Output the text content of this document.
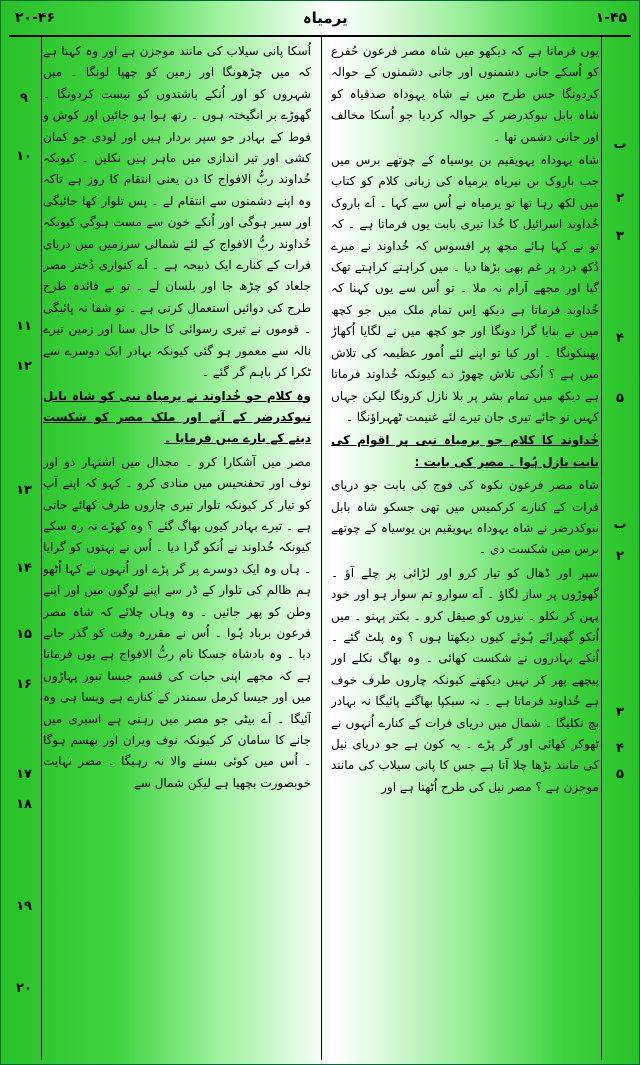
۲۰-۴۶	یرمیاہ	۱-۴۵
ب
۲
۳
۴
۵
ب
۲
۳
۴
۵
۹
۱۰
۱۱
۱۲
۱۳
۱۴
۱۵
۱۶
۱۷
۱۸
۱۹
۲۰

یوں فرماتا ہے کہ دیکھو میں شاہ مصر فرعون حُفرع کو اُسکے جانی دشمنوں اور جانی دشمنوں کے حوالہ کردونگا جس طرح میں نے شاہ یہوداہ صدقیاہ کو شاہ بابل نبوکدرضر کے حوالہ کردیا جو اُسکا مخالف اور جانی دشمن تھا ۔

شاہ یہوداہ یہویقیم بن یوسیاہ کے چوتھے برس میں جب باروک بن نیریاہ یرمیاہ کی زبانی کلام کو کتاب میں لکھ رہا تھا تو یرمیاہ نے اُس سے کہا ۔ اَے باروک خُداوند اسرائیل کا خُدا تیری بابت یوں فرماتا ہے ۔ کہ تو نے کہا ہائے مجھ پر افسوس کہ خُداوند نے میرے دُکھ درد پر غم بھی بڑھا دیا ۔ میں کراہتے کراہتے تھک گیا اور مجھے آرام نہ ملا ۔ تو اُس سے یوں کہنا کہ خُداوند فرماتا ہے دیکھ اِس تمام ملک میں جو کچھ میں نے بنایا گرا دونگا اور جو کچھ میں نے لگایا اُکھاڑ پھینکونگا ۔ اور کیا تو اپنے لئے اُمور عظیمہ کی تلاش میں ہے ؟ اُنکی تلاش چھوڑ دے کیونکہ خُداوند فرماتا ہے دیکھ میں تمام بشر پر بلا نازل کرونگا لیکن جہاں کہیں تو جائے تیری جان تیرے لئے غنیمت ٹھہراؤنگا ۔

خُداوند کا کلام جو یرمیاہ نبی پر اقوام کی بابت نازل ہُوا ۔ مصر کی بابت :

شاہ مصر فرعون نکوہ کی فوج کی بابت جو دریای فرات کے کنارے کرکمیس میں تھی جسکو شاہ بابل نبوکدرضر نے شاہ یہوداہ یہویقیم بن یوسیاہ کے چوتھے برس میں شکست دی ۔

سپر اور ڈھال کو تیار کرو اور لڑائی پر چلے آؤ ۔ گھوڑوں پر ساز لگاؤ ۔ اَے سوارو تم سوار ہو اور خود پہن کر نکلو ۔ نیزوں کو صیقل کرو ۔ بکتر پہنو ۔ میں اُنکو گھبرائے ہُوئے کیوں دیکھتا ہوں ؟ وہ پلٹ گئے ۔ اُنکے بہادروں نے شکست کھائی ۔ وہ بھاگ نکلے اور پیچھے پھر کر نہیں دیکھتے کیونکہ چاروں طرف خوف ہے خُداوند فرماتا ہے ۔ نہ سبکپا بھاگنے پائیگا نہ بہادر بچ نکلیگا ۔ شمال میں دریای فرات کے کنارے اُنہوں نے ٹھوکر کھائی اور گر پڑے ۔ یہ کون ہے جو دریای نیل کی مانند بڑھا چلا آتا ہے جس کا پانی سیلاب کی مانند موجزن ہے ؟ مصر نیل کی طرح اُٹھتا ہے اور

اُسکا پانی سیلاب کی مانند موجزن ہے اور وہ کہتا ہے کہ میں چڑھونگا اور زمین کو چھپا لونگا ۔ میں شہروں کو اور اُنکے باشندوں کو نیست کردونگا ۔ گھوڑے بر انگیختہ ہوں ۔ رتھ ہوا ہو جائیں اور کوش و فوط کے بہادر جو سپر بردار ہیں اور لودی جو کمان کشی اور تیر اندازی میں ماہر ہیں نکلیں ۔ کیونکہ خُداوند ربُّ الافواج کا دن یعنی انتقام کا روز ہے تاکہ وہ اپنے دشمنوں سے انتقام لے ۔ پس تلوار کھا جائیگی اور سیر ہوگی اور اُنکے خون سے مست ہوگی کیونکہ خُداوند ربُّ الافواج کے لئے شمالی سرزمین میں دریای فرات کے کنارے ایک ذبیحہ ہے ۔ اَے کنواری دُختر مصر جلعاد کو چڑھ جا اور بلسان لے ۔ تو بے فائدہ طرح طرح کی دوائیں استعمال کرتی ہے ۔ تو شفا نہ پائیگی ۔ قوموں نے تیری رسوائی کا حال سنا اور زمین تیرے نالہ سے معمور ہو گئی کیونکہ بہادر ایک دوسرے سے ٹکرا کر باہم گر گئے ۔

وہ کلام جو خُداوند نے یرمیاہ نبی کو شاہ بابل نبوکدرضر کے آنے اور ملک مصر کو شکست دینے کے بارے میں فرمایا ۔

مصر میں آشکارا کرو ۔ مجدال میں اشتہار دو اور نوف اور تحفنحیس میں منادی کرو ۔ کہو کہ اپنے آپ کو تیار کر کیونکہ تلوار تیری چاروں طرف کھائے جاتی ہے ۔ تیرے بہادر کیوں بھاگ گئے ؟ وہ کھڑے نہ رہ سکے کیونکہ خُداوند نے اُنکو گرا دیا ۔ اُس نے بہتوں کو گرایا ۔ ہاں وہ ایک دوسرے پر گر پڑے اور اُنہوں نے کہا اُٹھو ہم ظالم کی تلوار کے ڈر سے اپنے لوگوں میں اور اپنے وطن کو پھر جائیں ۔ وہ وہاں چلائے کہ شاہ مصر فرعون برباد ہُوا ۔ اُس نے مقررہ وقت کو گذر جانے دیا ۔ وہ بادشاہ جسکا نام ربُّ الافواج ہے یوں فرماتا ہے کہ مجھے اپنی حیات کی قسم جیسا تبور پہاڑوں میں اور جیسا کرمل سمندر کے کنارے ہے ویسا ہی وہ آئیگا ۔ اَے بیٹی جو مصر میں رہتی ہے اسیری میں جانے کا سامان کر کیونکہ نوف ویران اور بھسم ہوگا ۔ اُس میں کوئی بسنے والا نہ رہیگا ۔ مصر نہایت خوبصورت بچھیا ہے لیکن شمال سے
